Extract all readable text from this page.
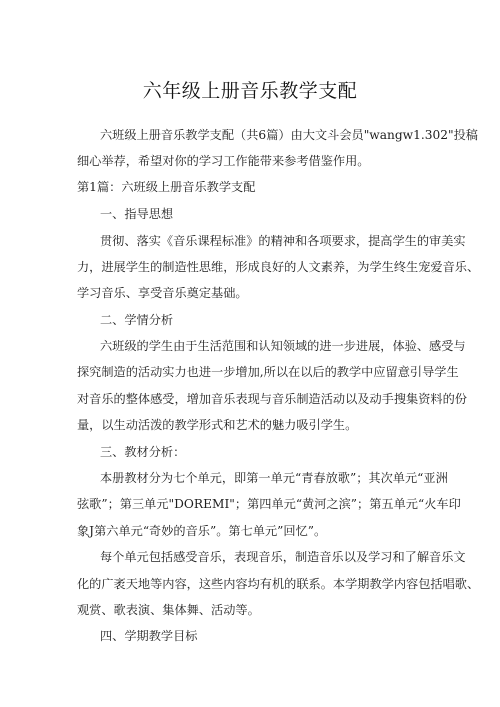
六年级上册音乐教学支配
六班级上册音乐教学支配（共6篇）由大文斗会员"wangw1.302"投稿
细心举荐，希望对你的学习工作能带来参考借鉴作用。
第1篇：六班级上册音乐教学支配
一、指导思想
贯彻、落实《音乐课程标准》的精神和各项要求，提高学生的审美实
力，进展学生的制造性思维，形成良好的人文素养，为学生终生宠爱音乐、
学习音乐、享受音乐奠定基础。
二、学情分析
六班级的学生由于生活范围和认知领域的进一步进展，体验、感受与
探究制造的活动实力也进一步增加,所以在以后的教学中应留意引导学生
对音乐的整体感受，增加音乐表现与音乐制造活动以及动手搜集资料的份
量，以生动活泼的教学形式和艺术的魅力吸引学生。
三、教材分析：
本册教材分为七个单元，即第一单元“青春放歌”；其次单元“亚洲
弦歌”；第三单元"DOREMI"；第四单元“黄河之滨”；第五单元“火车印
象J第六单元“奇妙的音乐”。第七单元”回忆”。
每个单元包括感受音乐，表现音乐，制造音乐以及学习和了解音乐文
化的广袤天地等内容，这些内容均有机的联系。本学期教学内容包括唱歌、
观赏、歌表演、集体舞、活动等。
四、学期教学目标
